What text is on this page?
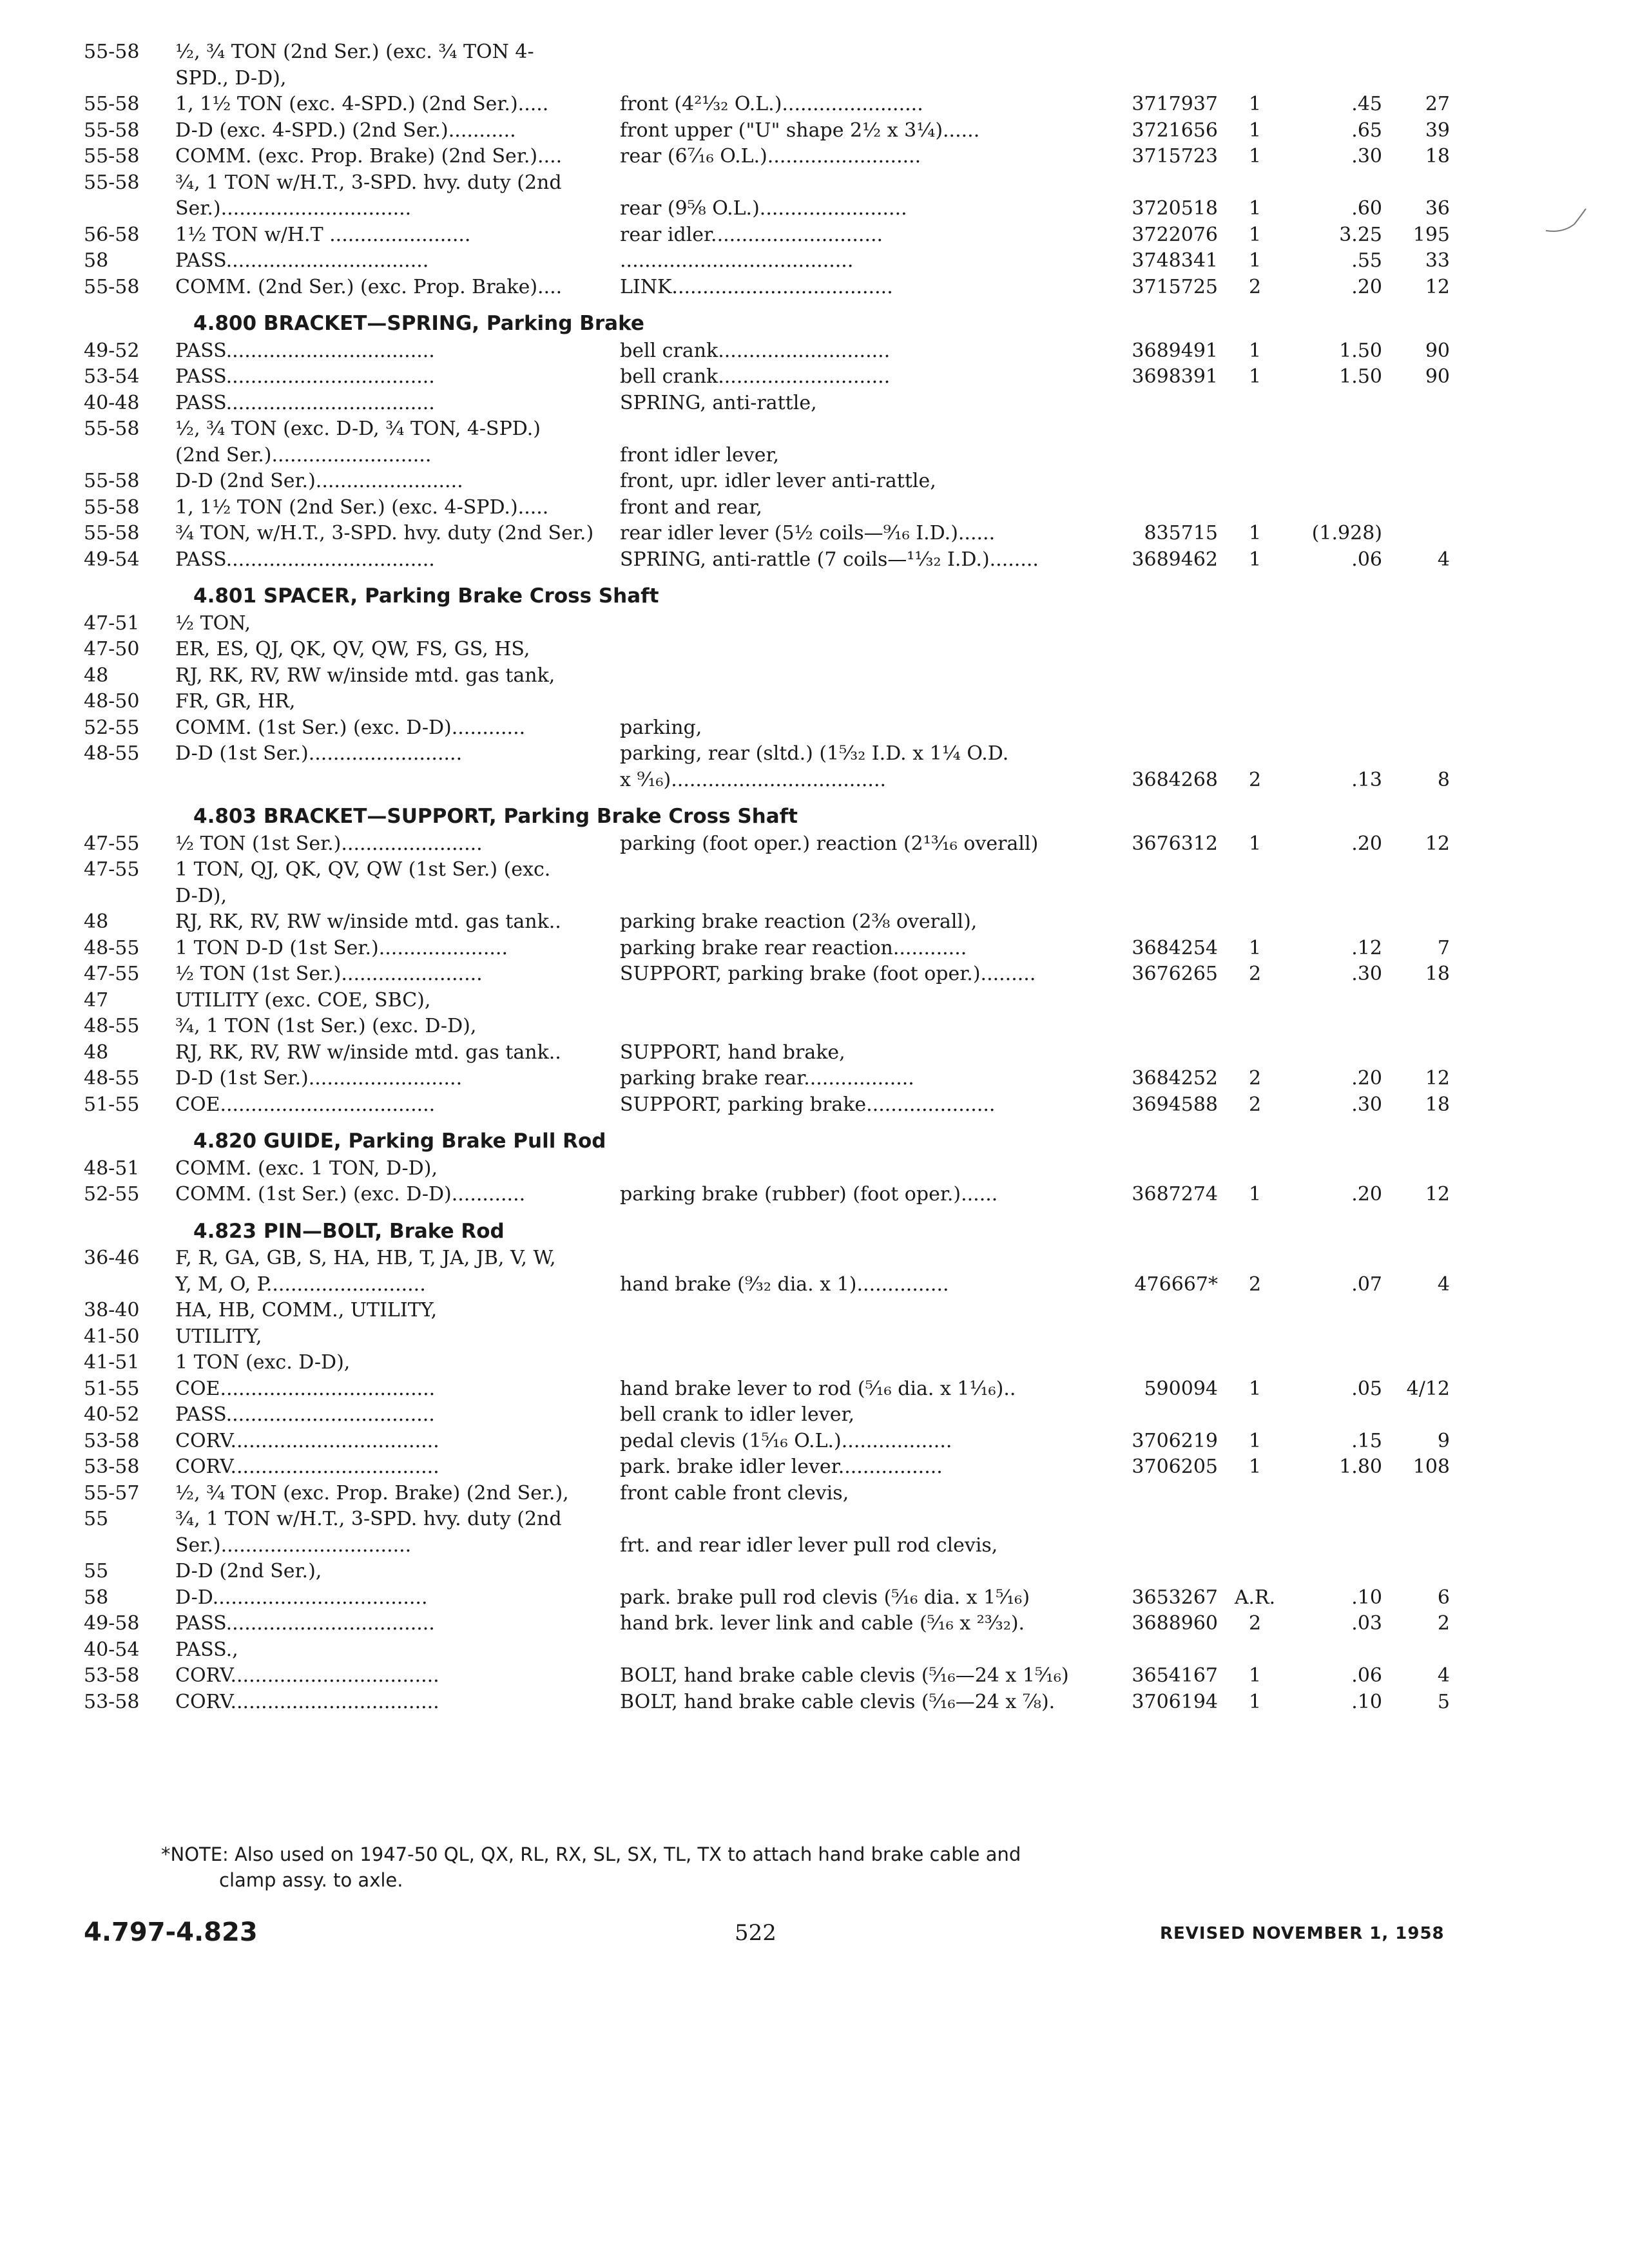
55-58	½, ¾ TON (2nd Ser.) (exc. ¾ TON 4-
SPD., D-D),
55-58	1, 1½ TON (exc. 4-SPD.) (2nd Ser.).....	front (4²¹⁄₃₂ O.L.).......................	3717937	1	.45	27
55-58	D-D (exc. 4-SPD.) (2nd Ser.)...........	front upper ("U" shape 2½ x 3¼)......	3721656	1	.65	39
55-58	COMM. (exc. Prop. Brake) (2nd Ser.)....	rear (6⁷⁄₁₆ O.L.).........................	3715723	1	.30	18
55-58	¾, 1 TON w/H.T., 3-SPD. hvy. duty (2nd
Ser.)...............................	rear (9⅝ O.L.)........................	3720518	1	.60	36
56-58	1½ TON w/H.T .......................	rear idler............................	3722076	1	3.25	195
58	PASS.................................	......................................	3748341	1	.55	33
55-58	COMM. (2nd Ser.) (exc. Prop. Brake)....	LINK....................................	3715725	2	.20	12
4.800 BRACKET—SPRING, Parking Brake
49-52	PASS..................................	bell crank............................	3689491	1	1.50	90
53-54	PASS..................................	bell crank............................	3698391	1	1.50	90
40-48	PASS..................................	SPRING, anti-rattle,
55-58	½, ¾ TON (exc. D-D, ¾ TON, 4-SPD.)
(2nd Ser.)..........................	front idler lever,
55-58	D-D (2nd Ser.)........................	front, upr. idler lever anti-rattle,
55-58	1, 1½ TON (2nd Ser.) (exc. 4-SPD.).....	front and rear,
55-58	¾ TON, w/H.T., 3-SPD. hvy. duty (2nd Ser.)	rear idler lever (5½ coils—⁹⁄₁₆ I.D.)......	835715	1	(1.928)
49-54	PASS..................................	SPRING, anti-rattle (7 coils—¹¹⁄₃₂ I.D.)........	3689462	1	.06	4
4.801 SPACER, Parking Brake Cross Shaft
47-51	½ TON,
47-50	ER, ES, QJ, QK, QV, QW, FS, GS, HS,
48	RJ, RK, RV, RW w/inside mtd. gas tank,
48-50	FR, GR, HR,
52-55	COMM. (1st Ser.) (exc. D-D)............	parking,
48-55	D-D (1st Ser.).........................	parking, rear (sltd.) (1⁵⁄₃₂ I.D. x 1¼ O.D.
x ⁹⁄₁₆)...................................	3684268	2	.13	8
4.803 BRACKET—SUPPORT, Parking Brake Cross Shaft
47-55	½ TON (1st Ser.).......................	parking (foot oper.) reaction (2¹³⁄₁₆ overall)	3676312	1	.20	12
47-55	1 TON, QJ, QK, QV, QW (1st Ser.) (exc.
D-D),
48	RJ, RK, RV, RW w/inside mtd. gas tank..	parking brake reaction (2⅜ overall),
48-55	1 TON D-D (1st Ser.).....................	parking brake rear reaction............	3684254	1	.12	7
47-55	½ TON (1st Ser.).......................	SUPPORT, parking brake (foot oper.).........	3676265	2	.30	18
47	UTILITY (exc. COE, SBC),
48-55	¾, 1 TON (1st Ser.) (exc. D-D),
48	RJ, RK, RV, RW w/inside mtd. gas tank..	SUPPORT, hand brake,
48-55	D-D (1st Ser.).........................	parking brake rear..................	3684252	2	.20	12
51-55	COE...................................	SUPPORT, parking brake.....................	3694588	2	.30	18
4.820 GUIDE, Parking Brake Pull Rod
48-51	COMM. (exc. 1 TON, D-D),
52-55	COMM. (1st Ser.) (exc. D-D)............	parking brake (rubber) (foot oper.)......	3687274	1	.20	12
4.823 PIN—BOLT, Brake Rod
36-46	F, R, GA, GB, S, HA, HB, T, JA, JB, V, W,
Y, M, O, P..........................	hand brake (⁹⁄₃₂ dia. x 1)...............	476667*	2	.07	4
38-40	HA, HB, COMM., UTILITY,
41-50	UTILITY,
41-51	1 TON (exc. D-D),
51-55	COE...................................	hand brake lever to rod (⁵⁄₁₆ dia. x 1¹⁄₁₆)..	590094	1	.05	4/12
40-52	PASS..................................	bell crank to idler lever,
53-58	CORV..................................	pedal clevis (1⁵⁄₁₆ O.L.)..................	3706219	1	.15	9
53-58	CORV..................................	park. brake idler lever.................	3706205	1	1.80	108
55-57	½, ¾ TON (exc. Prop. Brake) (2nd Ser.),	front cable front clevis,
55	¾, 1 TON w/H.T., 3-SPD. hvy. duty (2nd
Ser.)...............................	frt. and rear idler lever pull rod clevis,
55	D-D (2nd Ser.),
58	D-D...................................	park. brake pull rod clevis (⁵⁄₁₆ dia. x 1⁵⁄₁₆)	3653267 A.R.	.10	6
49-58	PASS..................................	hand brk. lever link and cable (⁵⁄₁₆ x ²³⁄₃₂).	3688960	2	.03	2
40-54	PASS.,
53-58	CORV..................................	BOLT, hand brake cable clevis (⁵⁄₁₆—24 x 1⁵⁄₁₆)	3654167	1	.06	4
53-58	CORV..................................	BOLT, hand brake cable clevis (⁵⁄₁₆—24 x ⅞).	3706194	1	.10	5
*NOTE: Also used on 1947-50 QL, QX, RL, RX, SL, SX, TL, TX to attach hand brake cable and
clamp assy. to axle.
4.797-4.823	522	REVISED NOVEMBER 1, 1958
